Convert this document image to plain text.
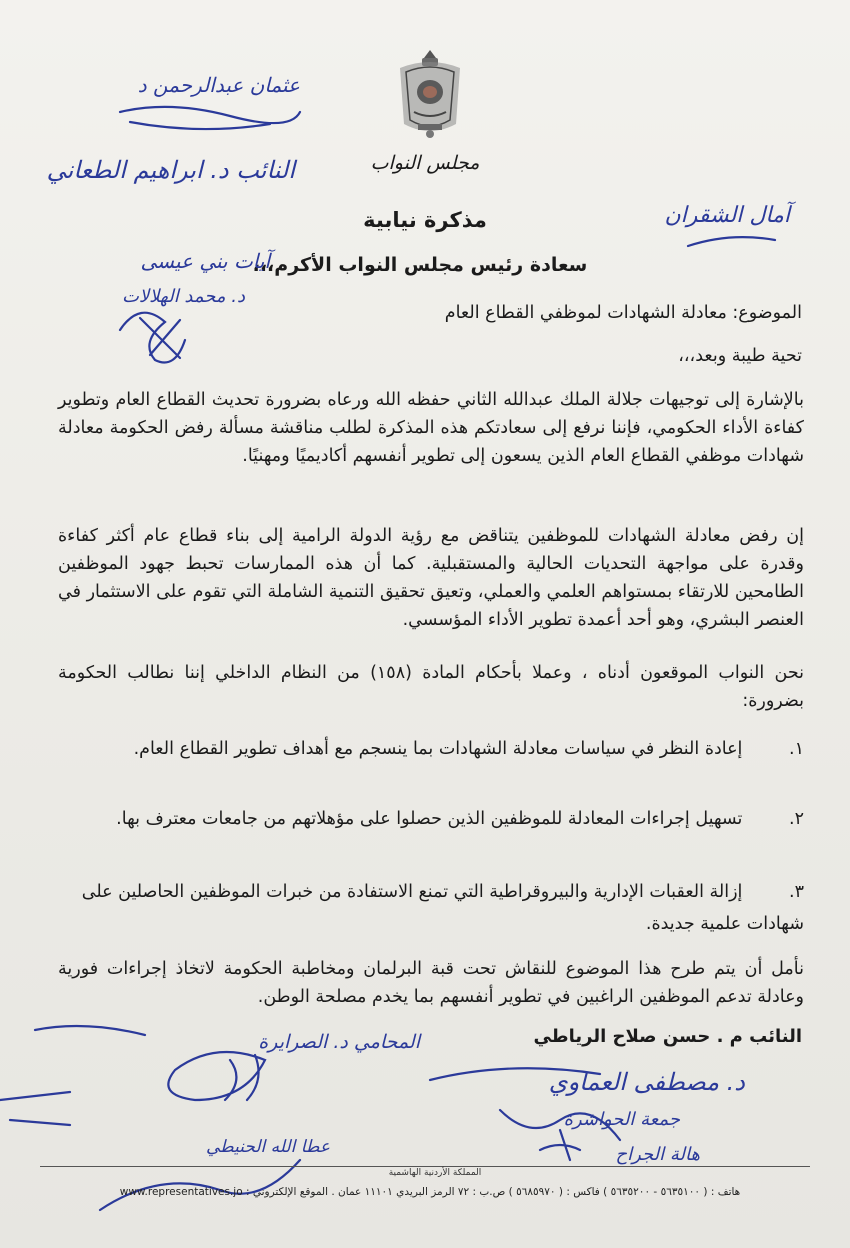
مجلس النواب
مذكرة نيابية
سعادة رئيس مجلس النواب الأكرم،،،
الموضوع: معادلة الشهادات لموظفي القطاع العام
تحية طيبة وبعد،،،
بالإشارة إلى توجيهات جلالة الملك عبدالله الثاني حفظه الله ورعاه بضرورة تحديث القطاع العام وتطوير كفاءة الأداء الحكومي، فإننا نرفع إلى سعادتكم هذه المذكرة لطلب مناقشة مسألة رفض الحكومة معادلة شهادات موظفي القطاع العام الذين يسعون إلى تطوير أنفسهم أكاديميًا ومهنيًا.
إن رفض معادلة الشهادات للموظفين يتناقض مع رؤية الدولة الرامية إلى بناء قطاع عام أكثر كفاءة وقدرة على مواجهة التحديات الحالية والمستقبلية. كما أن هذه الممارسات تحبط جهود الموظفين الطامحين للارتقاء بمستواهم العلمي والعملي، وتعيق تحقيق التنمية الشاملة التي تقوم على الاستثمار في العنصر البشري، وهو أحد أعمدة تطوير الأداء المؤسسي.
نحن النواب الموقعون أدناه ، وعملا بأحكام المادة (١٥٨) من النظام الداخلي إننا نطالب الحكومة بضرورة:
١. إعادة النظر في سياسات معادلة الشهادات بما ينسجم مع أهداف تطوير القطاع العام.
٢. تسهيل إجراءات المعادلة للموظفين الذين حصلوا على مؤهلاتهم من جامعات معترف بها.
٣. إزالة العقبات الإدارية والبيروقراطية التي تمنع الاستفادة من خبرات الموظفين الحاصلين على شهادات علمية جديدة.
نأمل أن يتم طرح هذا الموضوع للنقاش تحت قبة البرلمان ومخاطبة الحكومة لاتخاذ إجراءات فورية وعادلة تدعم الموظفين الراغبين في تطوير أنفسهم بما يخدم مصلحة الوطن.
النائب م . حسن صلاح الرياطي
عثمان عبدالرحمن د
النائب د. ابراهيم الطعاني
آيات بني عيسى
د. محمد الهلالات
آمال الشقران
المحامي د. الصرايرة
د. مصطفى العماوي
جمعة الحواشرة
هالة الجراح
عطا الله الحنيطي
المملكة الأردنية الهاشمية
هاتف : ( ٥٦٣٥١٠٠ - ٥٦٣٥٢٠٠ ) فاكس : ( ٥٦٨٥٩٧٠ ) ص.ب : ٧٢ الرمز البريدي ١١١٠١ عمان . الموقع الإلكتروني : www.representatives.jo
